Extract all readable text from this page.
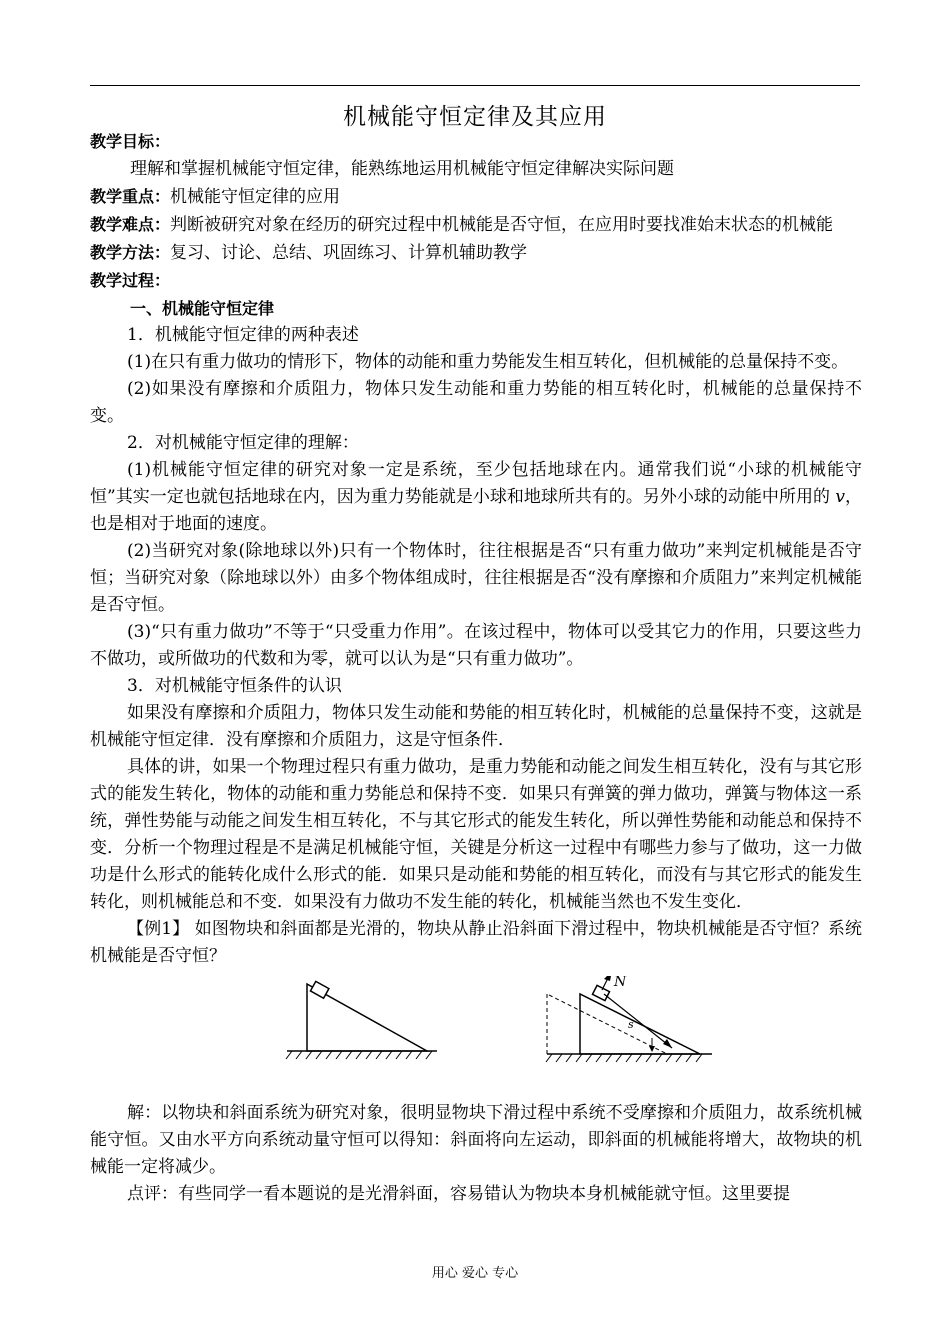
机械能守恒定律及其应用

教学目标：

理解和掌握机械能守恒定律，能熟练地运用机械能守恒定律解决实际问题

教学重点：机械能守恒定律的应用

教学难点：判断被研究对象在经历的研究过程中机械能是否守恒，在应用时要找准始末状态的机械能

教学方法：复习、讨论、总结、巩固练习、计算机辅助教学

教学过程：

一、机械能守恒定律

1．机械能守恒定律的两种表述

(1)在只有重力做功的情形下，物体的动能和重力势能发生相互转化，但机械能的总量保持不变。

(2)如果没有摩擦和介质阻力，物体只发生动能和重力势能的相互转化时，机械能的总量保持不变。

2．对机械能守恒定律的理解：

(1)机械能守恒定律的研究对象一定是系统，至少包括地球在内。通常我们说“小球的机械能守恒”其实一定也就包括地球在内，因为重力势能就是小球和地球所共有的。另外小球的动能中所用的 v，也是相对于地面的速度。

(2)当研究对象(除地球以外)只有一个物体时，往往根据是否“只有重力做功”来判定机械能是否守恒；当研究对象（除地球以外）由多个物体组成时，往往根据是否“没有摩擦和介质阻力”来判定机械能是否守恒。

(3)“只有重力做功”不等于“只受重力作用”。在该过程中，物体可以受其它力的作用，只要这些力不做功，或所做功的代数和为零，就可以认为是“只有重力做功”。

3．对机械能守恒条件的认识

如果没有摩擦和介质阻力，物体只发生动能和势能的相互转化时，机械能的总量保持不变，这就是机械能守恒定律．没有摩擦和介质阻力，这是守恒条件．

具体的讲，如果一个物理过程只有重力做功，是重力势能和动能之间发生相互转化，没有与其它形式的能发生转化，物体的动能和重力势能总和保持不变．如果只有弹簧的弹力做功，弹簧与物体这一系统，弹性势能与动能之间发生相互转化，不与其它形式的能发生转化，所以弹性势能和动能总和保持不变．分析一个物理过程是不是满足机械能守恒，关键是分析这一过程中有哪些力参与了做功，这一力做功是什么形式的能转化成什么形式的能．如果只是动能和势能的相互转化，而没有与其它形式的能发生转化，则机械能总和不变．如果没有力做功不发生能的转化，机械能当然也不发生变化．

【例1】 如图物块和斜面都是光滑的，物块从静止沿斜面下滑过程中，物块机械能是否守恒？系统机械能是否守恒？

N
s

解：以物块和斜面系统为研究对象，很明显物块下滑过程中系统不受摩擦和介质阻力，故系统机械能守恒。又由水平方向系统动量守恒可以得知：斜面将向左运动，即斜面的机械能将增大，故物块的机械能一定将减少。

点评：有些同学一看本题说的是光滑斜面，容易错认为物块本身机械能就守恒。这里要提

用心 爱心 专心
